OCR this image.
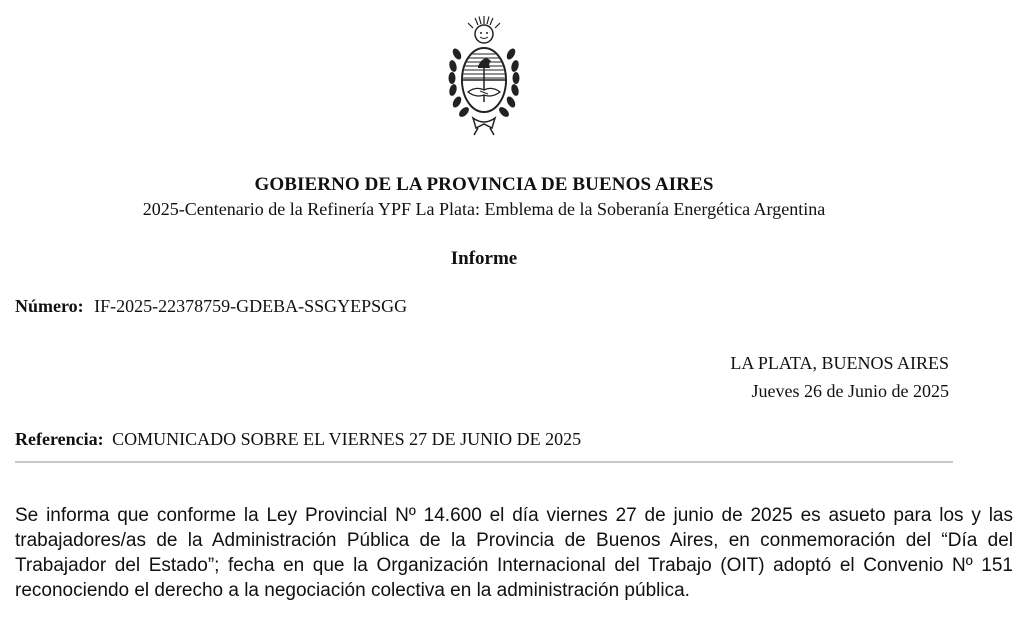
GOBIERNO DE LA PROVINCIA DE BUENOS AIRES
2025-Centenario de la Refinería YPF La Plata: Emblema de la Soberanía Energética Argentina
Informe
Número: IF-2025-22378759-GDEBA-SSGYEPSGG
LA PLATA, BUENOS AIRES
Jueves 26 de Junio de 2025
Referencia: COMUNICADO SOBRE EL VIERNES 27 DE JUNIO DE 2025
Se informa que conforme la Ley Provincial Nº 14.600 el día viernes 27 de junio de 2025 es asueto para los y las trabajadores/as de la Administración Pública de la Provincia de Buenos Aires, en conmemoración del “Día del Trabajador del Estado”; fecha en que la Organización Internacional del Trabajo (OIT) adoptó el Convenio Nº 151 reconociendo el derecho a la negociación colectiva en la administración pública.
